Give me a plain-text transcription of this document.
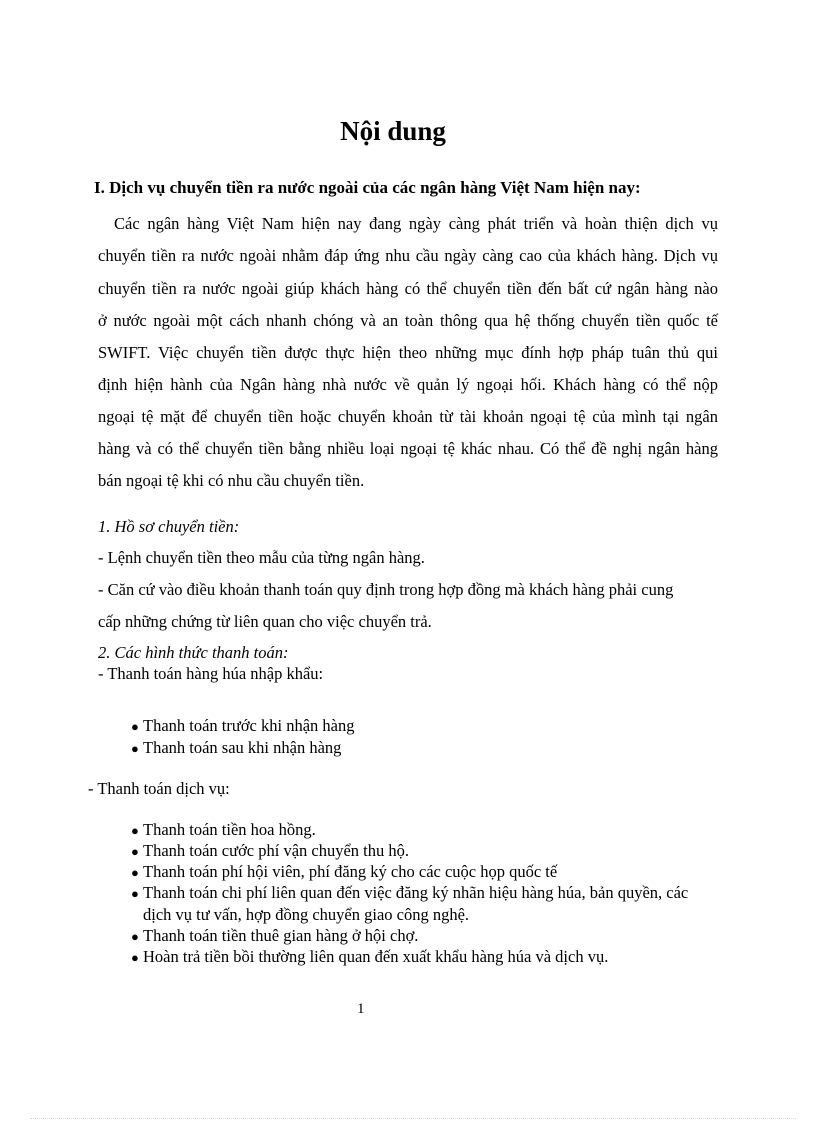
Nội dung
I. Dịch vụ chuyển tiền ra nước ngoài của các ngân hàng Việt Nam hiện nay:
Các ngân hàng Việt Nam hiện nay đang ngày càng phát triển và hoàn thiện dịch vụ
chuyển tiền ra nước ngoài nhằm đáp ứng nhu cầu ngày càng cao của khách hàng. Dịch vụ
chuyển tiền ra nước ngoài giúp khách hàng có thể chuyển tiền đến bất cứ ngân hàng nào
ở nước ngoài một cách nhanh chóng và an toàn thông qua hệ thống chuyển tiền quốc tế
SWIFT. Việc chuyển tiền được thực hiện theo những mục đính hợp pháp tuân thủ qui
định hiện hành của Ngân hàng nhà nước về quản lý ngoại hối. Khách hàng có thể nộp
ngoại tệ mặt để chuyển tiền hoặc chuyển khoản từ tài khoản ngoại tệ của mình tại ngân
hàng và có thể chuyển tiền bằng nhiều loại ngoại tệ khác nhau. Có thể đề nghị ngân hàng
bán ngoại tệ khi có nhu cầu chuyển tiền.
1. Hồ sơ chuyển tiền:
- Lệnh chuyển tiền theo mẫu của từng ngân hàng.
- Căn cứ vào điều khoản thanh toán quy định trong hợp đồng mà khách hàng phải cung
cấp những chứng từ liên quan cho việc chuyển trả.
2. Các hình thức thanh toán:
- Thanh toán hàng húa nhập khẩu:
● Thanh toán trước khi nhận hàng
● Thanh toán sau khi nhận hàng
- Thanh toán dịch vụ:
● Thanh toán tiền hoa hồng.
● Thanh toán cước phí vận chuyển thu hộ.
● Thanh toán phí hội viên, phí đăng ký cho các cuộc họp quốc tế
● Thanh toán chi phí liên quan đến việc đăng ký nhãn hiệu hàng húa, bản quyền, các
dịch vụ tư vấn, hợp đồng chuyển giao công nghệ.
● Thanh toán tiền thuê gian hàng ở hội chợ.
● Hoàn trả tiền bồi thường liên quan đến xuất khẩu hàng húa và dịch vụ.
1
